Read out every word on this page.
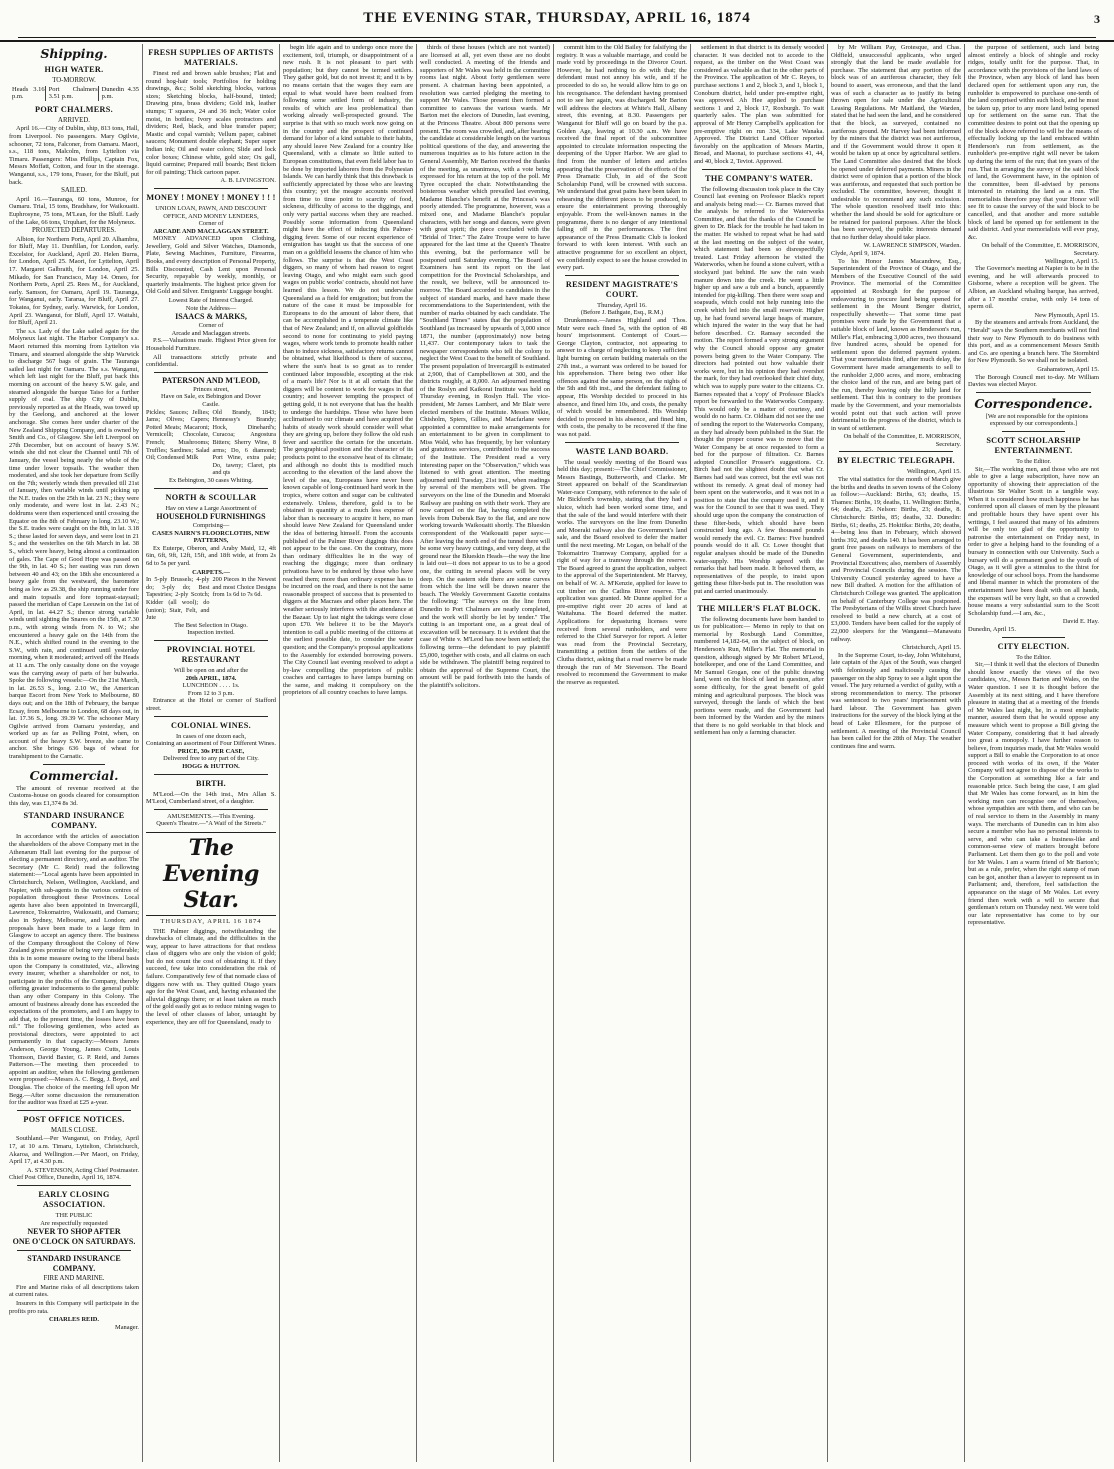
THE EVENING STAR, THURSDAY, APRIL 16, 1874	3
Shipping.
HIGH WATER.
TO-MORROW.
Heads 3.16 p.m.
Port Chalmers 3.51 p.m.
Dunedin 4.35 p.m.
PORT CHALMERS.
ARRIVED.

April 16.—City of Dublin, ship, 813 tons, Hall, from Liverpool. No passengers. Mary Ogilvie, schooner, 72 tons, Falconer, from Oamaru. Maori, s.s., 118 tons, Malcolm, from Lyttelton via Timaru. Passengers: Miss Phillips, Captain Fox, Messrs Moffatt, Cotton, and four in the steerage. Wanganui, s.s., 179 tons, Fraser, for the Bluff, put back.

SAILED.

April 16.—Tauranga, 60 tons, Munroe, for Oamaru. Trial, 15 tons, Bradshaw, for Waikouaiti. Euphrosyne, 75 tons, M'Lean, for the Bluff. Lady of the Lake, 66 tons, Urquhart, for the Molyneux.

PROJECTED DEPARTURES.

Albion, for Northern Ports, April 20. Alhambra, for Bluff, May 11. Dunfillan, for London, early. Excelsior, for Auckland, April 20. Helen Burns, for London, April 25. Maori, for Lyttelton, April 17. Margaret Galbraith, for London, April 25. Mikado, for San Francisco, May 14. Omeo, for Northern Ports, April 25. Rees M., for Auckland, early. Samson, for Oamaru, April 19. Tauranga, for Wanganui, early. Tararua, for Bluff, April 27. Tokatea, for Sydney, early. Warwick, for London, April 23. Wanganui, for Bluff, April 17. Waitahi, for Bluff, April 21.

The s.s. Lady of the Lake sailed again for the Molyneux last night. The Harbor Company's s.s. Maori returned this morning from Lyttelton via Timaru, and steamed alongside the ship Warwick to discharge 567 bags of grain. The Tauranga sailed last night for Oamaru. The s.s. Wanganui, which left last night for the Bluff, put back this morning on account of the heavy S.W. gale, and steamed alongside the barque Taiso for a further supply of coal. The ship City of Dublin, previously reported as at the Heads, was towed up by the Geelong, and anchored at the lower anchorage. She comes here under charter of the New Zealand Shipping Company, and is owned by Smith and Co., of Glasgow. She left Liverpool on 27th December, but on account of heavy S.W. winds she did not clear the Channel until 7th of January, the vessel being nearly the whole of the time under lower topsails. The weather then moderated, and she took her departure from Scilly on the 7th; westerly winds then prevailed till 21st of January, then variable winds until picking up the N.E. trades on the 25th in lat. 23 N.; they were only moderate, and were lost in lat. 2.43 N.; doldrums were then experienced until crossing the Equator on the 8th of February in long. 23.10 W.; the S.E. trades were caught on the 8th, in lat. 3.18 S.; these lasted for seven days, and were lost in 21 S.; and the westerlies on the 6th March in lat. 38 S., which were heavy, being almost a continuation of gales. The Cape of Good Hope was passed on the 9th, in lat. 40 S.; her easting was run down between 40 and 43; on the 18th she encountered a heavy gale from the westward, the barometer being as low as 29.38, the ship running under fore and main topsails and fore topmast-staysail; passed the meridian of Cape Leeuwin on the 1st of April, in lat. 44.27 S.; thence strong variable winds until sighting the Snares on the 15th, at 7.30 p.m., with strong winds from N. to W.; she encountered a heavy gale on the 14th from the N.E., which shifted round in the evening to the S.W., with rain, and continued until yesterday morning, when it moderated; arrived off the Heads at 11 a.m. The only casualty done on the voyage was the carrying away of parts of her bulwarks. Spoke the following vessels:—On the 21st March, in lat. 26.53 S., long. 2.10 W., the American barque Escort from New York to Melbourne, 80 days out; and on the 18th of February, the barque Ecsay, from Melbourne to London, 68 days out, in lat. 17.36 S., long. 39.39 W. The schooner Mary Ogilvie arrived from Oamaru yesterday, and worked up as far as Pelling Point, when, on account of the heavy S.W. breeze, she came to anchor. She brings 636 bags of wheat for transhipment to the Carnatic.

Commercial.

The amount of revenue received at the Customs-house on goods cleared for consumption this day, was £1,374 8s 3d.

STANDARD INSURANCE COMPANY.

In accordance with the articles of association the shareholders of the above Company met in the Athenæum Hall last evening for the purpose of electing a permanent directory, and an auditor. The Secretary (Mr C. Reid) read the following statement:—"Local agents have been appointed in Christchurch, Nelson, Wellington, Auckland, and Napier, with sub-agents in the various centres of population throughout these Provinces. Local agents have also been appointed in Invercargill, Lawrence, Tokomairiro, Waikouaiti, and Oamaru; also in Sydney, Melbourne, and London; and proposals have been made to a large firm in Glasgow to accept an agency there. The business of the Company throughout the Colony of New Zealand gives promise of being very considerable; this is in some measure owing to the liberal basis upon the Company is constituted, viz., allowing every insurer, whether a shareholder or not, to participate in the profits of the Company, thereby offering greater inducements to the general public than any other Company in this Colony. The amount of business already done has exceeded the expectations of the promoters, and I am happy to add that, to the present time, the losses have been nil." The following gentlemen, who acted as provisional directors, were appointed to act permanently in that capacity:—Messrs James Anderson, George Young, James Cutts, Louis Thomson, David Baxter, G. P. Reid, and James Patterson.—The meeting then proceeded to appoint an auditor, when the following gentlemen were proposed:—Messrs A. C. Begg, J. Boyd, and Douglas. The choice of the meeting fell upon Mr Begg.—After some discussion the remuneration for the auditor was fixed at £25 a-year.

POST OFFICE NOTICES.
MAILS CLOSE.

Southland.—Per Wanganui, on Friday, April 17, at 10 a.m. Timaru, Lyttelton, Christchurch, Akaroa, and Wellington.—Per Maori, on Friday, April 17, at 4.30 p.m.

A. STEVENSON, Acting Chief Postmaster.
Chief Post Office, Dunedin, April 16, 1874.
EARLY CLOSING ASSOCIATION.
THE PUBLIC
Are respectfully requested
NEVER TO SHOP AFTER
ONE O'CLOCK ON SATURDAYS.
STANDARD INSURANCE COMPANY.
FIRE AND MARINE.

Fire and Marine risks of all descriptions taken at current rates.

Insurers in this Company will participate in the profits pro rata.

CHARLES REID.
Manager.
FRESH SUPPLIES OF ARTISTS MATERIALS.

Finest red and brown sable brushes; Flat and round hog-hair tools; Portfolios for holding drawings, &c.; Solid sketching blocks, various sizes; Sketching blocks, half-bound, tinted; Drawing pins, brass dividers; Gold ink, leather stumps; T squares, 24 and 36 inch; Water color moist, in bottles; Ivory scales protractors and dividers; Red, black, and blue transfer paper; Mastic and copal varnish; Vellum paper, cabinet saucers; Monument double elephant; Super super Indian ink; Oil and water colors; Slide and lock color boxes; Chinese white, gold size; Ox gall, liquid carmine; Prepared mill boards; Best ticken for oil painting; Thick cartoon paper.

A. B. LIVINGSTON.
MONEY ! MONEY ! MONEY ! ! !
UNION LOAN, PAWN, AND DISCOUNT OFFICE, AND MONEY LENDERS,
Corner of
ARCADE AND MACLAGGAN STREET.

MONEY ADVANCED upon Clothing, Jewellery, Gold and Silver Watches, Diamonds, Plate, Sewing Machines, Furniture, Firearms, Books, and every description of Personal Property, Bills Discounted, Cash Lent upon Personal Security, repayable by weekly, monthly, or quarterly instalments. The highest price given for Old Gold and Silver. Emigrants' Luggage bought.

Lowest Rate of Interest Charged.
Note the Address—
ISAACS & MARKS,
Corner of
Arcade and Maclaggan streets.

P.S.—Valuations made. Highest Price given for Household Furniture.

All transactions strictly private and confidential.

PATERSON AND M'LEOD,
Princes street,
Have on Sale, ex Bebington and Dover
Castle.
Pickles; Sauces; Jellies; Jams; Olives; Capers; Potted Meats; Macaroni; Vermicelli; Chocolate, French; Mushrooms; Truffles; Sardines; Salad Oil; Condensed Milk
Old Brandy, 1843; Hennessy's Brandy; Hock, Dinehard's; Curacoa; Angostura Bitters; Sherry Wine, 8 arms; Do, 6 diamond; Port Wine, extra pale; Do, tawny; Claret, pts and qts
Ex Bebington, 30 cases Whiting.
NORTH & SCOULLAR
Hav on view a Large Assortment of
HOUSEHOLD FURNISHINGS
Comprising—
CASES NAIRN'S FLOORCLOTHS, NEW PATTERNS,

Ex Euterpe, Oberon, and Araby Maid, 12, 4ft 6in, 6ft, 9ft, 12ft, 15ft, and 18ft wide, at from 2s 6d to 5s per yard.

CARPETS.—
In 5-ply Brussels; 4-ply do; 3-ply do; Best Tapestries; 2-ply Scotch; Kidder (all wool); do (union); Stair, Felt, and Jute
200 Pieces in the Newest and most Choice Designs from 1s 6d to 7s 6d.
The Best Selection in Otago.
Inspection invited.
PROVINCIAL HOTEL RESTAURANT
Will be open on and after the
20th APRIL, 1874.
LUNCHEON . . . . 1s.
From 12 to 3 p.m.

Entrance at the Hotel or corner of Stafford street.

COLONIAL WINES.
In cases of one dozen each,
Containing an assortment of Four Different Wines.
PRICE, 30s PER CASE,
Delivered free to any part of the City.
HOGG & HUTTON.
BIRTH.

M'Leod.—On the 14th inst., Mrs Allan S. M'Leod, Cumberland street, of a daughter.

AMUSEMENTS.—This Evening.
Queen's Theatre.—"A Waif of the Streets."
The Evening Star.
THURSDAY, APRIL 16 1874

THE Palmer diggings, notwithstanding the drawbacks of climate, and the difficulties in the way, appear to have attractions for that restless class of diggers who are only the vision of gold; but do not count the cost of obtaining it. If they succeed, few take into consideration the risk of failure. Comparatively few of that nomade class of diggers now with us. They quitted Otago years ago for the West Coast, and, having exhausted the alluvial diggings there; or at least taken as much of the gold easily got as to reduce mining wages to the level of other classes of labor, untaught by experience, they are off for Queensland, ready to

begin life again and to undergo once more the excitement, toil, triumph, or disappointment of a new rush. It is not pleasant to part with population; but they cannot be termed settlers. They gather gold, but do not invest it; and it is by no means certain that the wages they earn are equal to what would have been realised from following some settled form of industry, the results of which are less problematical than working already well-prospected ground. The surprise is that with so much work now going on in the country and the prospect of continued demand for labor of a kind suitable to their habits, any should leave New Zealand for a country like Queensland, with a climate so little suited to European constitutions, that even field labor has to be done by imported laborers from the Polynesian Islands. We can hardly think that this drawback is sufficiently appreciated by those who are leaving this country; yet the meagre accounts received from time to time point to scarcity of food, sickness, difficulty of access to the diggings, and only very partial success when they are reached. Possibly some information from Queensland might have the effect of inducing this Palmer-digging fever. Some of our recent experience of emigration has taught us that the success of one man on a goldfield lessens the chance of him who follows. The surprise is that the West Coast diggers, so many of whom had reason to regret leaving Otago, and who might earn such good wages on public works' contracts, should not have learned this lesson. We do not undervalue Queensland as a field for emigration; but from the nature of the case it must be impossible for Europeans to do the amount of labor there, that can be accomplished in a temperate climate like that of New Zealand; and if, on alluvial goldfields second to none for continuing to yield paying wages, where work tends to promote health rather than to induce sickness, satisfactory returns cannot be obtained, what likelihood is there of success, where the sun's heat is so great as to render continued labor impossible, excepting at the risk of a man's life? Nor is it at all certain that the diggers will be content to work for wages in that country; and however tempting the prospect of getting gold, it is not everyone that has the health to undergo the hardships. Those who have been acclimatised to our climate and have acquired the habits of steady work should consider well what they are giving up, before they follow the old rush fever and sacrifice the certain for the uncertain. The geographical position and the character of its products point to the excessive heat of its climate; and although no doubt this is modified much according to the elevation of the land above the level of the sea, Europeans have never been known capable of long-continued hard work in the tropics, where cotton and sugar can be cultivated extensively. Unless, therefore, gold is to be obtained in quantity at a much less expense of labor than is necessary to acquire it here, no man should leave New Zealand for Queensland under the idea of bettering himself. From the accounts published of the Palmer River diggings this does not appear to be the case. On the contrary, more than ordinary difficulties lie in the way of reaching the diggings; more than ordinary privations have to be endured by those who have reached them; more than ordinary expense has to be incurred on the road, and there is not the same reasonable prospect of success that is presented to diggers at the Macraes and other places here. The weather seriously interferes with the attendance at the Bazaar. Up to last night the takings were close upon £70. We believe it to be the Mayor's intention to call a public meeting of the citizens at the earliest possible date, to consider the water question; and the Company's proposal applications to the Assembly for extended borrowing powers. The City Council last evening resolved to adopt a by-law compelling the proprietors of public coaches and carriages to have lamps burning on the same, and making it compulsory on the proprietors of all country coaches to have lamps.

thirds of these houses (which are not wanted) are licensed at all, yet even these are no doubt well conducted. A meeting of the friends and supporters of Mr Wales was held in the committee rooms last night. About forty gentlemen were present. A chairman having been appointed, a resolution was carried pledging the meeting to support Mr Wales. Those present then formed a committee to canvass the various wards. Mr Barton met the electors of Dunedin, last evening, at the Princess Theatre. About 800 persons were present. The room was crowded, and, after hearing the candidate at considerable length on the various political questions of the day, and answering the numerous inquiries as to his future action in the General Assembly, Mr Barton received the thanks of the meeting, as unanimous, with a vote being expressed for his return at the top of the poll. Mr Tyree occupied the chair. Notwithstanding the boisterous weather which prevailed last evening, Madame Blanche's benefit at the Princess's was poorly attended. The programme, however, was a mixed one, and Madame Blanche's popular characters, with her songs and dances, were given with great spirit; the piece concluded with the "Bridal of Trier." The Zaïre Troupe were to have appeared for the last time at the Queen's Theatre this evening, but the performance will be postponed until Saturday evening. The Board of Examiners has sent its report on the last competition for the Provincial Scholarships, and the result, we believe, will be announced to-morrow. The Board accorded to candidates in the subject of standard marks, and have made these recommendations to the Superintendent, with the number of marks obtained by each candidate. The "Southland Times" states that the population of Southland (as increased by upwards of 3,000 since 1871, the number (approximately) now being 11,437. Our contemporary takes to task the newspaper correspondents who tell the colony to neglect the West Coast to the benefit of Southland. The present population of Invercargill is estimated at 2,900, that of Campbelltown at 300, and the districts roughly, at 8,000. An adjourned meeting of the Roslyn and Kaikorai Institute was held on Thursday evening, in Roslyn Hall. The vice-president, Mr James Lambert, and Mr Blair were elected members of the Institute. Messrs Wilkie, Chisholm, Spiers, Gillies, and Macfarlane were appointed a committee to make arrangements for an entertainment to be given in compliment to Miss Wald, who has frequently, by her voluntary and gratuitous services, contributed to the success of the Institute. The President read a very interesting paper on the "Observation," which was listened to with great attention. The meeting adjourned until Tuesday, 21st inst., when readings by several of the members will be given. The surveyors on the line of the Dunedin and Moeraki Railway are pushing on with their work. They are now camped on the flat, having completed the levels from Duberak Bay to the flat, and are now working towards Waikouaiti shortly. The Blueskin correspondent of the Waikouaiti paper says:—After leaving the north end of the tunnel there will be some very heavy cuttings, and very deep, at the ground near the Blueskin Heads—the way the line is laid out—it does not appear to us to be a good one, the cutting in several places will be very deep. On the eastern side there are some curves from which the line will be drawn nearer the beach. The Weekly Government Gazette contains the following: "The surveys on the line from Dunedin to Port Chalmers are nearly completed, and the work will shortly be let by tender." The cutting is an important one, as a great deal of excavation will be necessary. It is evident that the case of White v. M'Leod has now been settled; the following terms—the defendant to pay plaintiff £5,000, together with costs, and all claims on each side be withdrawn. The plaintiff being required to obtain the approval of the Supreme Court, the amount will be paid forthwith into the hands of the plaintiff's solicitors.

commit him to the Old Bailey for falsifying the registry. It was a valuable marriage, and could be made void by proceedings in the Divorce Court. However, he had nothing to do with that; the defendant must not annoy his wife, and if he proceeded to do so, he would allow him to go on his recognisance. The defendant having promised not to see her again, was discharged. Mr Barton will address the electors at White's Hall, Albany street, this evening, at 8.30. Passengers per Wanganui for Bluff will go on board by the p.s. Golden Age, leaving at 10.30 a.m. We have received the final report of the subcommittee appointed to circulate information respecting the deepening of the Upper Harbor. We are glad to find from the number of letters and articles appearing that the preservation of the efforts of the Press Dramatic Club, in aid of the Scott Scholarship Fund, will be crowned with success. We understand that great pains have been taken in rehearsing the different pieces to be produced, to ensure the entertainment proving thoroughly enjoyable. From the well-known names in the programme, there is no danger of any intentional falling off in the performances. The first appearance of the Press Dramatic Club is looked forward to with keen interest. With such an attractive programme for so excellent an object, we confidently expect to see the house crowded in every part.

RESIDENT MAGISTRATE'S COURT.
Thursday, April 16.
(Before J. Bathgate, Esq., R.M.)

Drunkenness.—James Highland and Thos. Muir were each fined 5s, with the option of 48 hours' imprisonment. Contempt of Court.—George Clayton, contractor, not appearing to answer to a charge of neglecting to keep sufficient light burning on certain building materials on the 27th inst., a warrant was ordered to be issued for his apprehension. There being two other like offences against the same person, on the nights of the 5th and 6th inst., and the defendant failing to appear, His Worship decided to proceed in his absence, and fined him 10s, and costs, the penalty of which would be remembered. His Worship decided to proceed in his absence, and fined him, with costs, the penalty to be recovered if the fine was not paid.

WASTE LAND BOARD.

The usual weekly meeting of the Board was held this day; present:—The Chief Commissioner, Messrs Bastings, Butterworth, and Clarke. Mr Street appeared on behalf of the Scandinavian Water-race Company, with reference to the sale of Mr Bickford's township, stating that they had a sluice, which had been worked some time, and that the sale of the land would interfere with their works. The surveyors on the line from Dunedin and Moeraki railway also the Government's land sale, and the Board resolved to defer the matter until the next meeting. Mr Logan, on behalf of the Tokomairiro Tramway Company, applied for a right of way for a tramway through the reserve. The Board agreed to grant the application, subject to the approval of the Superintendent. Mr Harvey, on behalf of W. A. M'Kenzie, applied for leave to cut timber on the Catlins River reserve. The application was granted. Mr Dunne applied for a pre-emptive right over 20 acres of land at Waitahuna. The Board deferred the matter. Applications for depasturing licenses were received from several runholders, and were referred to the Chief Surveyor for report. A letter was read from the Provincial Secretary, transmitting a petition from the settlers of the Clutha district, asking that a road reserve be made through the run of Mr Stevenson. The Board resolved to recommend the Government to make the reserve as requested.

settlement in that district is its densely wooded character. It was decided not to accede to the request, as the timber on the West Coast was considered as valuable as that in the other parts of the Province. The application of Mr C. Reyes, to purchase sections 1 and 2, block 3, and 1, block 1, Conoburn district, held under pre-emptive right, was approved. Ah Hee applied to purchase sections 1 and 2, block 17, Roxburgh. To wait quarterly sales. The plan was submitted for approval of Mr Henry Campbell's application for pre-emptive right on run 334, Lake Wanaka. Approved. The District Land Officer reported favorably on the application of Messrs Martin, Broad, and Maonai, to purchase sections 41, 44, and 40, block 2, Teviot. Approved.

THE COMPANY'S WATER.

The following discussion took place in the City Council last evening on Professor Black's report and analysis being read:— Cr. Barnes moved that the analysis be referred to the Waterworks Committee, and that the thanks of the Council be given to Dr. Black for the trouble he had taken in the matter. He wished to repeat what he had said at the last meeting on the subject of the water, which statement had been so disrespectfully treated. Last Friday afternoon he visited the Waterworks, when he found a stone culvert, with a stockyard just behind. He saw the rain wash manure down into the creek. He went a little higher up and saw a tub and a bunch, apparently intended for pig-killing. Then there were soap and soapsuds, which could not help running into the creek which led into the small reservoir. Higher up, he had found several large heaps of manure, which injured the water in the way that he had before described. Cr. Ramsay seconded the motion. The report formed a very strong argument why the Council should oppose any greater powers being given to the Water Company. The directors had pointed out how valuable their works were, but in his opinion they had overshot the mark, for they had overlooked their chief duty, which was to supply pure water to the citizens. Cr. Barnes repeated that a 'copy' of Professor Black's report be forwarded to the Waterworks Company. This would only be a matter of courtesy, and would do no harm. Cr. Oldham did not see the use of sending the report to the Waterworks Company, as they had already been published in the Star. He thought the proper course was to move that the Water Company be at once requested to form a bed for the purpose of filtration. Cr. Barnes adopted Councillor Prosser's suggestions. Cr. Birch had not the slightest doubt that what Cr. Barnes had said was correct, but the evil was not without its remedy. A great deal of money had been spent on the waterworks, and it was not in a position to state that the company used it, and it was for the Council to see that it was used. They should urge upon the company the construction of these filter-beds, which should have been constructed long ago. A few thousand pounds would remedy the evil. Cr. Barnes: Five hundred pounds would do it all. Cr. Lowe thought that regular analyses should be made of the Dunedin water-supply. His Worship agreed with the remarks that had been made. It behoved them, as representatives of the people, to insist upon getting these filter-beds put in. The resolution was put and carried unanimously.

THE MILLER'S FLAT BLOCK.

The following documents have been handed to us for publication:— Memo in reply to that on memorial by Roxburgh Land Committee, numbered 14,182-64, on the subject of block, on Henderson's Run, Miller's Flat. The memorial in question, although signed by Mr Robert M'Leod, hotelkeeper, and one of the Land Committee, and Mr Samuel Grogan, one of the public drawing land, went on the block of land in question, after some difficulty, for the great benefit of gold mining and agricultural purposes. The block was surveyed, through the lands of which the best portions were made, and the Government had been informed by the Warden and by the miners that there is no gold workable in that block and settlement has only a farming character.

by Mr William Pay, Grotesque, and Chas. Oldfield, unsuccessful applicants, who urged strongly that the land be made available for purchase. The statement that any portion of the block was of an auriferous character, they felt bound to assert, was erroneous, and that the land was of such a character as to justify its being thrown open for sale under the Agricultural Leasing Regulations. Mr Maitland, the Warden, stated that he had seen the land, and he considered that the block, as surveyed, contained no auriferous ground. Mr Harvey had been informed by the miners that the district was not auriferous, and if the Government would throw it open it would be taken up at once by agricultural settlers. The Land Committee also desired that the block be opened under deferred payments. Miners in the district were of opinion that a portion of the block was auriferous, and requested that such portion be excluded. The committee, however, thought it undesirable to recommend any such exclusion. The whole question resolved itself into this: whether the land should be sold for agriculture or be retained for pastoral purposes. After the block has been surveyed, the public interests demand that no further delay should take place.

W. LAWRENCE SIMPSON, Warden.
Clyde, April 9, 1874.

To his Honor James Macandrew, Esq., Superintendent of the Province of Otago, and the Members of the Executive Council of the said Province. The memorial of the Committee appointed at Roxburgh for the purpose of endeavouring to procure land being opened for settlement in the Mount Benger district, respectfully sheweth:— That some time past promises were made by the Government that a suitable block of land, known as Henderson's run, Miller's Flat, embracing 3,000 acres, two thousand five hundred acres, should be opened for settlement upon the deferred payment system. That your memorialists find, after much delay, the Government have made arrangements to sell to the runholder 2,000 acres, and more, embracing the choice land of the run, and are being part of the run, thereby leaving only the hilly land for settlement. That this is contrary to the promises made by the Government, and your memorialists would point out that such action will prove detrimental to the progress of the district, which is in want of settlement.

On behalf of the Committee, E. MORRISON, Secretary.
BY ELECTRIC TELEGRAPH.
Wellington, April 15.

The vital statistics for the month of March give the births and deaths in seven towns of the Colony as follow:—Auckland: Births, 63; deaths, 15. Thames: Births, 19; deaths, 11. Wellington: Births, 64; deaths, 25. Nelson: Births, 23; deaths, 8. Christchurch: Births, 85; deaths, 32. Dunedin: Births, 61; deaths, 25. Hokitika: Births, 20; deaths, 4—being less than in February, which showed births 392, and deaths 140. It has been arranged to grant free passes on railways to members of the General Government, superintendents, and Provincial Executives; also, members of Assembly and Provincial Councils during the session. The University Council yesterday agreed to have a new Bill drafted. A motion for the affiliation of Christchurch College was granted. The application on behalf of Canterbury College was postponed. The Presbyterians of the Willis street Church have resolved to build a new church, at a cost of £3,000. Tenders have been called for the supply of 22,000 sleepers for the Wanganui—Manawatu railway.

Christchurch, April 15.

In the Supreme Court, to-day, John Whitehurst, late captain of the Ajax of the South, was charged with feloniously and maliciously causing the passenger on the ship Spray to see a light upon the vessel. The jury returned a verdict of guilty, with a strong recommendation to mercy. The prisoner was sentenced to two years' imprisonment with hard labour. The Government has given instructions for the survey of the block lying at the head of Lake Ellesmere, for the purpose of settlement. A meeting of the Provincial Council has been called for the 28th of May. The weather continues fine and warm.

the purpose of settlement, such land being almost entirely a block of shingle and rocky ridges, totally unfit for the purpose. That, in accordance with the provisions of the land laws of the Province, when any block of land has been declared open for settlement upon any run, the runholder is empowered to purchase one-tenth of the land comprised within such block, and he must be taken up, prior to any more land being opened up for settlement on the same run. That the committee desires to point out that the opening up of the block above referred to will be the means of effectually locking up the land embraced within Henderson's run from settlement, as the runholder's pre-emptive right will never be taken up during the term of the run; that ten years of the run. That in arranging the survey of the said block of land, the Government have, in the opinion of the committee, been ill-advised by persons interested in retaining the land as a run. The memorialists therefore pray that your Honor will see fit to cause the survey of the said block to be cancelled, and that another and more suitable block of land be opened up for settlement in the said district. And your memorialists will ever pray, &c.

On behalf of the Committee, E. MORRISON, Secretary.
Wellington, April 15.

The Governor's meeting at Napier is to be in the evening, and he will afterwards proceed to Gisborne, where a reception will be given. The Albion, an Auckland whaling barque, has arrived, after a 17 months' cruise, with only 14 tons of sperm oil.

New Plymouth, April 15.

By the steamers and arrivals from Auckland, the "Herald" says the Southern merchants will not find their way to New Plymouth to do business with this port, and as a commencement Messrs Smith and Co. are opening a branch here. The Stormbird for New Plymouth. So we shall not be isolated.

Grahamstown, April 15.

The Borough Council met to-day. Mr William Davies was elected Mayor.

Correspondence.

[We are not responsible for the opinions expressed by our correspondents.]

SCOTT SCHOLARSHIP ENTERTAINMENT.
To the Editor.

Sir,—The working men, and those who are not able to give a large subscription, have now an opportunity of showing their appreciation of the illustrious Sir Walter Scott in a tangible way. When it is considered how much happiness he has conferred upon all classes of men by the pleasant and profitable hours they have spent over his writings, I feel assured that many of his admirers will be only too glad of the opportunity to patronise the entertainment on Friday next, in order to give a helping hand to the founding of a bursary in connection with our University. Such a bursary will do a permanent good to the youth of Otago, as it will give a stimulus to the thirst for knowledge of our school boys. From the handsome and liberal manner in which the promoters of the entertainment have been dealt with on all hands, the expenses will be very light, so that a crowded house means a very substantial sum to the Scott Scholarship fund.—I am, &c.,

David E. Hay.
Dunedin, April 15.
CITY ELECTION.
To the Editor.

Sir,—I think it well that the electors of Dunedin should know exactly the views of the two candidates, viz., Messrs Barton and Wales, on the Water question. I see it is thought before the Assembly at its next sitting, and I have therefore pleasure in stating that at a meeting of the friends of Mr Wales last night, he, in a most emphatic manner, assured them that he would oppose any measure which went to propose a Bill giving the Water Company, considering that it had already too great a monopoly. I have further reason to believe, from inquiries made, that Mr Wales would support a Bill to enable the Corporation to at once proceed with works of its own, if the Water Company will not agree to dispose of the works to the Corporation at something like a fair and reasonable price. Such being the case, I am glad that Mr Wales has come forward, as in him the working men can recognise one of themselves, whose sympathies are with them, and who can be of real service to them in the Assembly in many ways. The merchants of Dunedin can in him also secure a member who has no personal interests to serve, and who can take a business-like and common-sense view of matters brought before Parliament. Let them then go to the poll and vote for Mr Wales. I am a warm friend of Mr Barton's; but as a rule, prefer, when the right stamp of man can be got, another than a lawyer to represent us in Parliament; and, therefore, feel satisfaction the appearance on the stage of Mr Wales. Let every friend then work with a will to secure that gentleman's return on Thursday next. We were told our late representative has come to by our representative.
